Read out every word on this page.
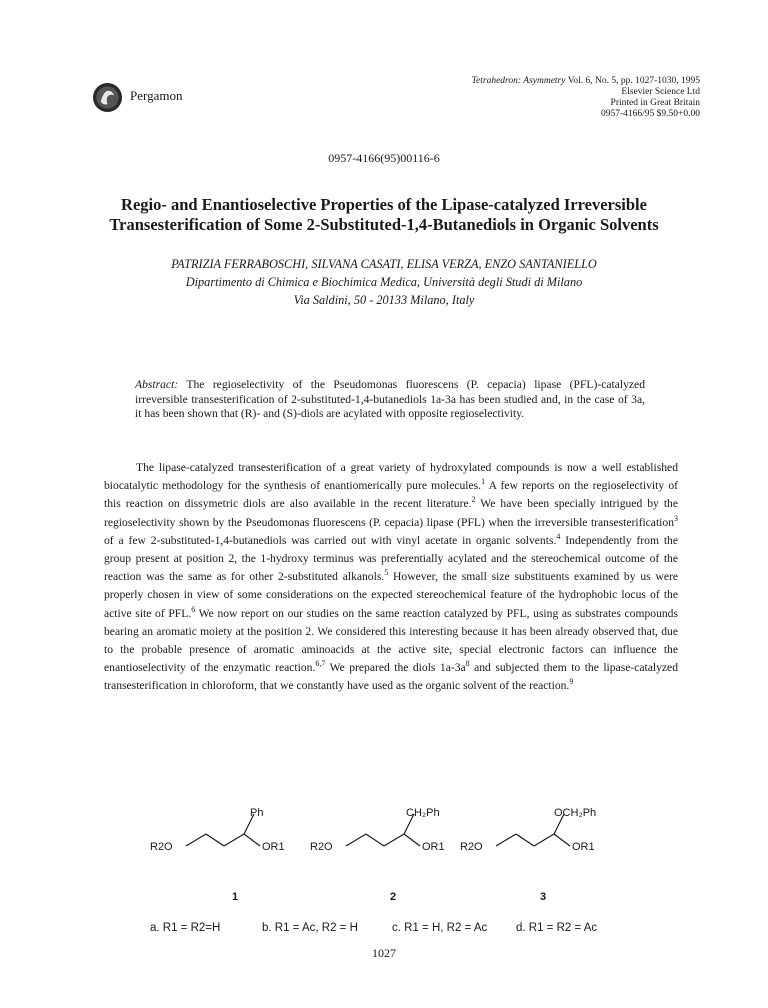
Pergamon
Tetrahedron: Asymmetry Vol. 6, No. 5, pp. 1027-1030, 1995
Elsevier Science Ltd
Printed in Great Britain
0957-4166/95 $9.50+0.00
0957-4166(95)00116-6
Regio- and Enantioselective Properties of the Lipase-catalyzed Irreversible
Transesterification of Some 2-Substituted-1,4-Butanediols in Organic Solvents
PATRIZIA FERRABOSCHI, SILVANA CASATI, ELISA VERZA, ENZO SANTANIELLO
Dipartimento di Chimica e Biochimica Medica, Università degli Studi di Milano
Via Saldini, 50 - 20133 Milano, Italy
Abstract: The regioselectivity of the Pseudomonas fluorescens (P. cepacia) lipase (PFL)-catalyzed irreversible transesterification of 2-substituted-1,4-butanediols 1a-3a has been studied and, in the case of 3a, it has been shown that (R)- and (S)-diols are acylated with opposite regioselectivity.

The lipase-catalyzed transesterification of a great variety of hydroxylated compounds is now a well established biocatalytic methodology for the synthesis of enantiomerically pure molecules.$^1$ A few reports on the regioselectivity of this reaction on dissymetric diols are also available in the recent literature.$^2$ We have been specially intrigued by the regioselectivity shown by the Pseudomonas fluorescens (P. cepacia) lipase (PFL) when the irreversible transesterification$^3$ of a few 2-substituted-1,4-butanediols was carried out with vinyl acetate in organic solvents.$^4$ Independently from the group present at position 2, the 1-hydroxy terminus was preferentially acylated and the stereochemical outcome of the reaction was the same as for other 2-substituted alkanols.$^5$ However, the small size substituents examined by us were properly chosen in view of some considerations on the expected stereochemical feature of the hydrophobic locus of the active site of PFL.$^6$ We now report on our studies on the same reaction catalyzed by PFL, using as substrates compounds bearing an aromatic moiety at the position 2. We considered this interesting because it has been already observed that, due to the probable presence of aromatic aminoacids at the active site, special electronic factors can influence the enantioselectivity of the enzymatic reaction.$^{6,7}$ We prepared the diols $1a-3a^8$ and subjected them to the lipase-catalyzed transesterification in chloroform, that we constantly have used as the organic solvent of the reaction.$^9$

Ph
R2O	OR1
CH₂Ph
R2O	OR1
OCH₂Ph
R2O	OR1
1	2	3
a. R1 = R2=H	b. R1 = Ac, R2 = H	c. R1 = H, R2 = Ac	d. R1 = R2 = Ac
1027
